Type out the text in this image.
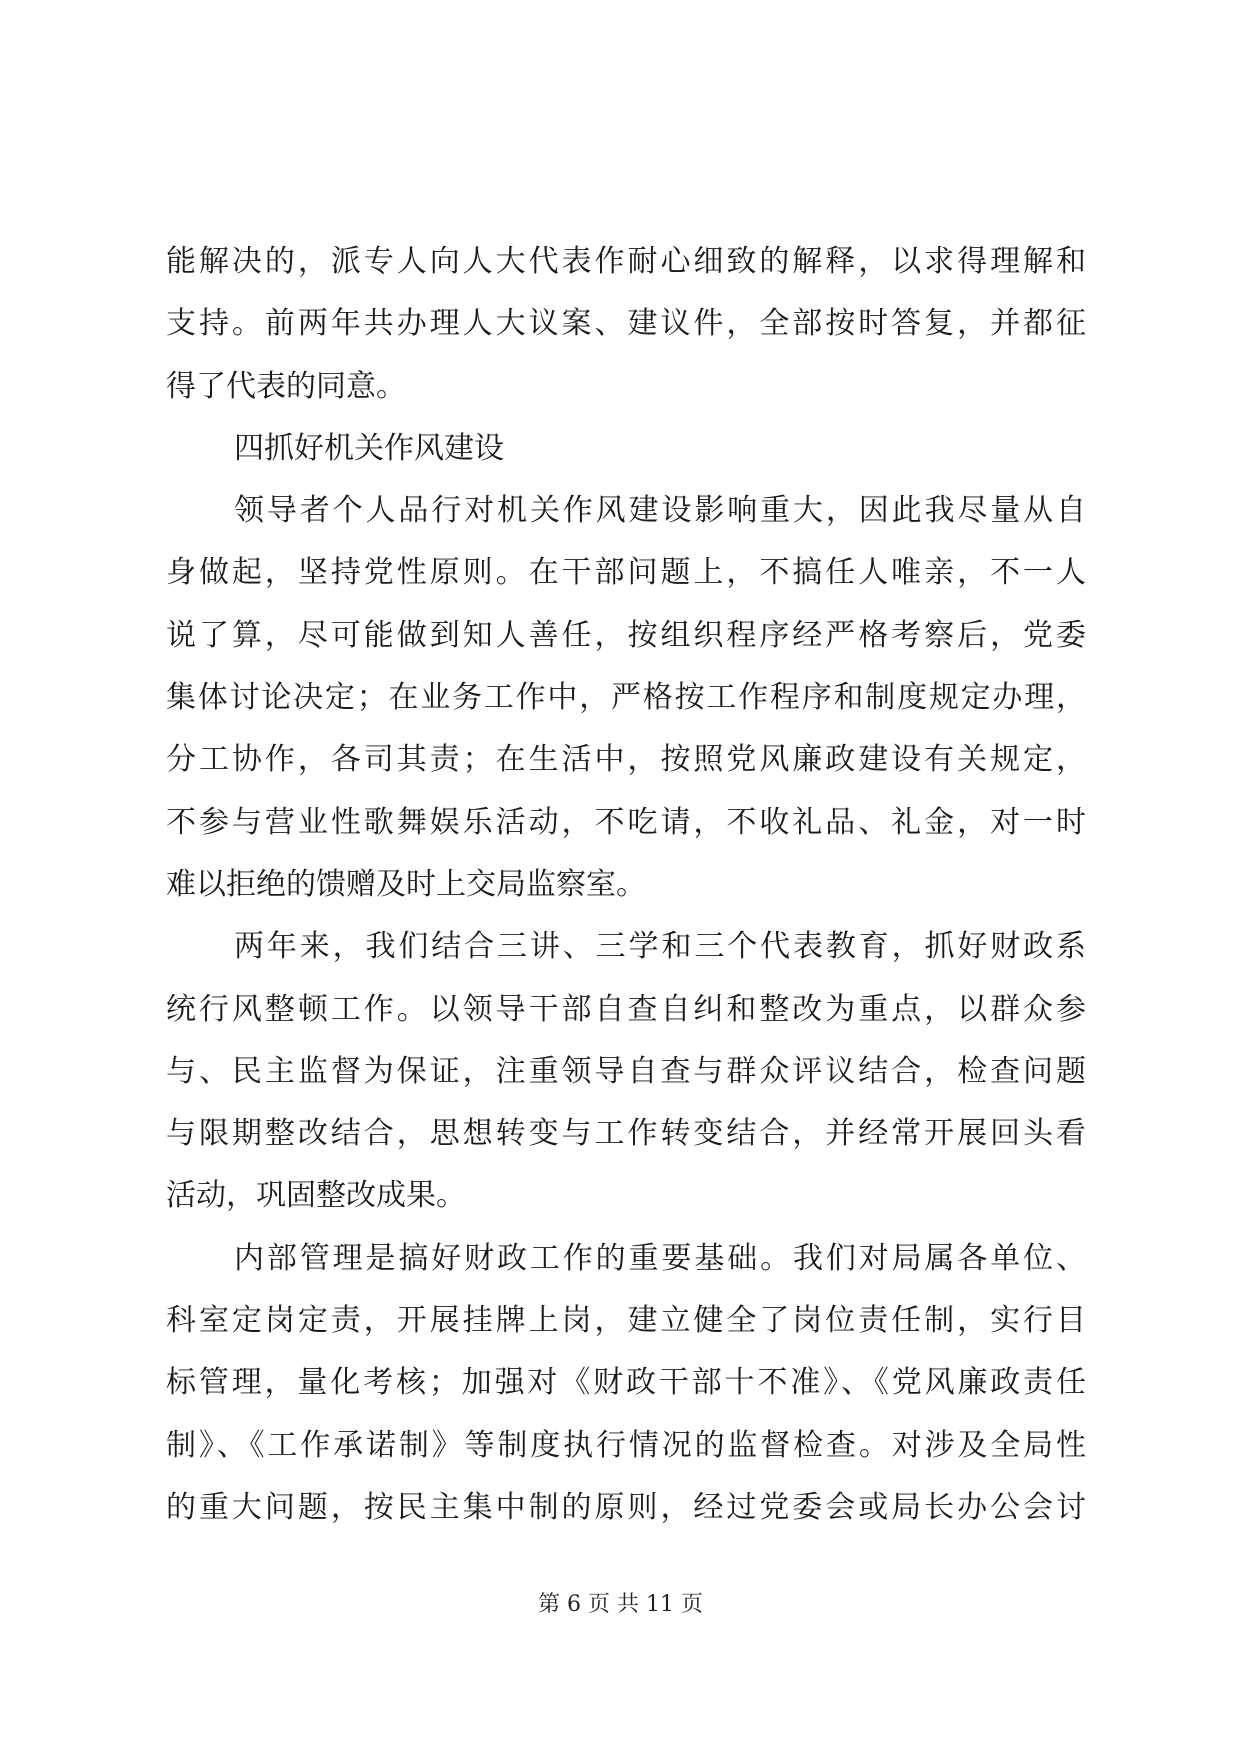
能解决的，派专人向人大代表作耐心细致的解释，以求得理解和
支持。前两年共办理人大议案、建议件，全部按时答复，并都征
得了代表的同意。
四抓好机关作风建设
领导者个人品行对机关作风建设影响重大，因此我尽量从自
身做起，坚持党性原则。在干部问题上，不搞任人唯亲，不一人
说了算，尽可能做到知人善任，按组织程序经严格考察后，党委
集体讨论决定；在业务工作中，严格按工作程序和制度规定办理，
分工协作，各司其责；在生活中，按照党风廉政建设有关规定，
不参与营业性歌舞娱乐活动，不吃请，不收礼品、礼金，对一时
难以拒绝的馈赠及时上交局监察室。
两年来，我们结合三讲、三学和三个代表教育，抓好财政系
统行风整顿工作。以领导干部自查自纠和整改为重点，以群众参
与、民主监督为保证，注重领导自查与群众评议结合，检查问题
与限期整改结合，思想转变与工作转变结合，并经常开展回头看
活动，巩固整改成果。
内部管理是搞好财政工作的重要基础。我们对局属各单位、
科室定岗定责，开展挂牌上岗，建立健全了岗位责任制，实行目
标管理，量化考核；加强对《财政干部十不准》、《党风廉政责任
制》、《工作承诺制》等制度执行情况的监督检查。对涉及全局性
的重大问题，按民主集中制的原则，经过党委会或局长办公会讨
第 6 页 共 11 页
